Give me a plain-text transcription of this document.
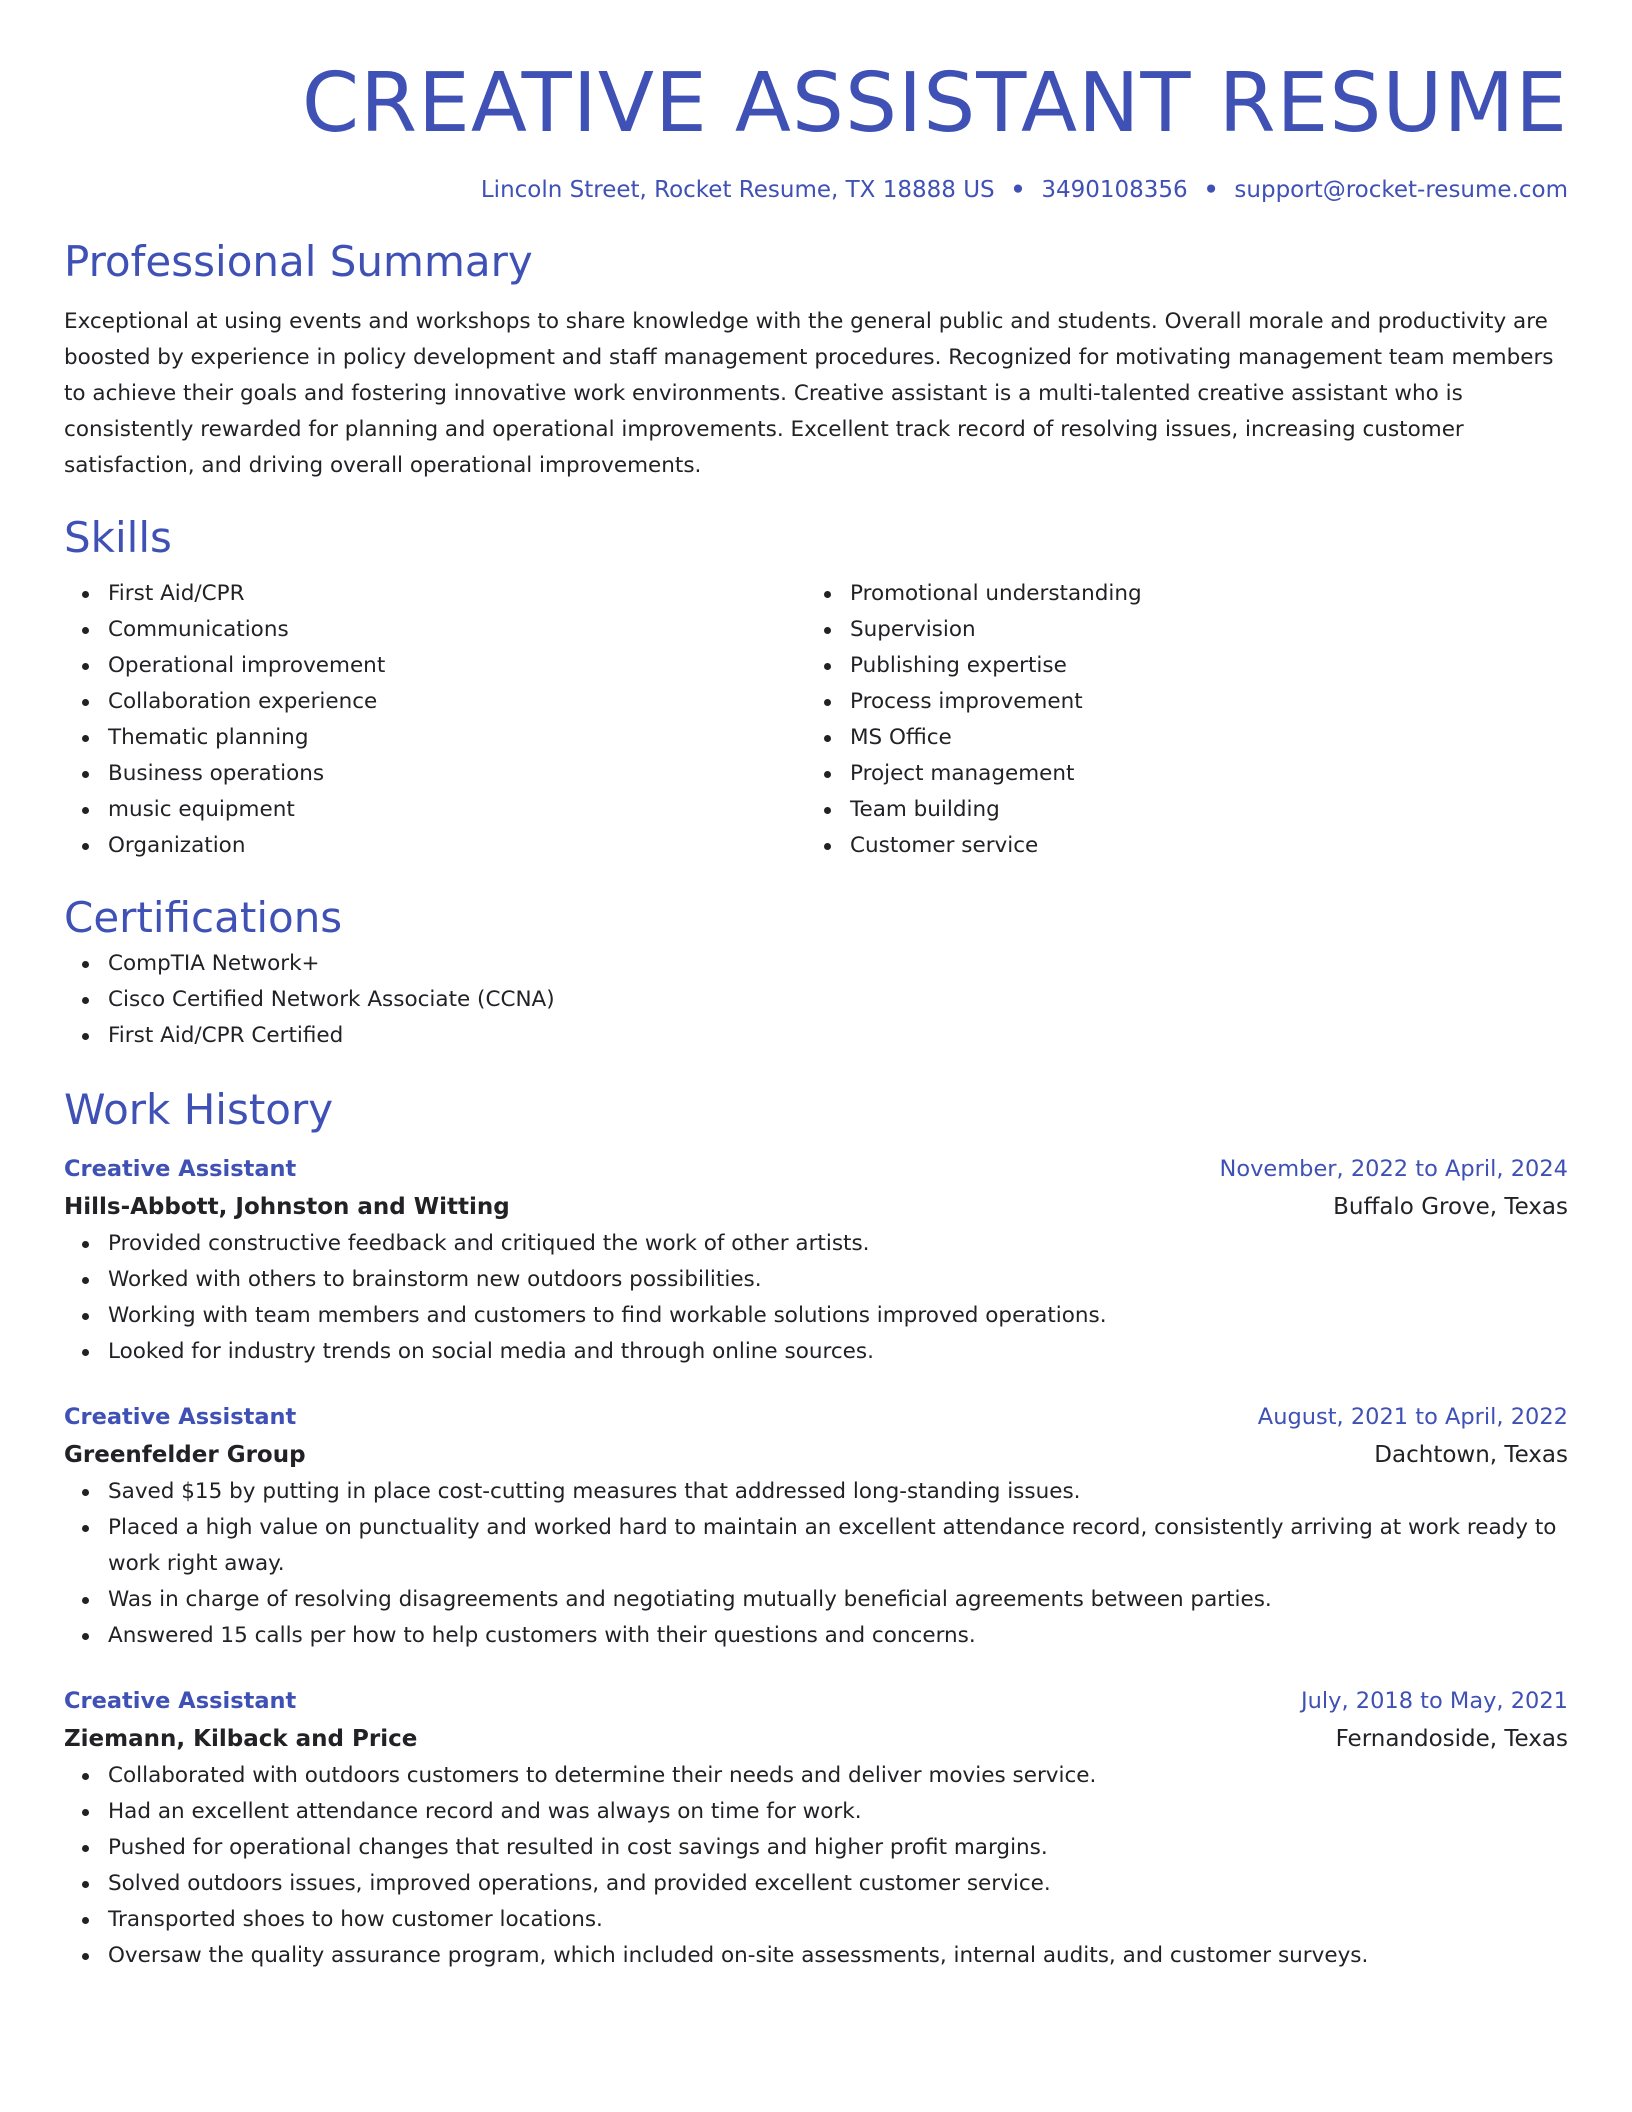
CREATIVE ASSISTANT RESUME
Lincoln Street, Rocket Resume, TX 18888 US • 3490108356 • support@rocket-resume.com
Professional Summary

Exceptional at using events and workshops to share knowledge with the general public and students. Overall morale and productivity are boosted by experience in policy development and staff management procedures. Recognized for motivating management team members to achieve their goals and fostering innovative work environments. Creative assistant is a multi-talented creative assistant who is consistently rewarded for planning and operational improvements. Excellent track record of resolving issues, increasing customer satisfaction, and driving overall operational improvements.

Skills
First Aid/CPR
Communications
Operational improvement
Collaboration experience
Thematic planning
Business operations
music equipment
Organization
Promotional understanding
Supervision
Publishing expertise
Process improvement
MS Office
Project management
Team building
Customer service
Certifications
CompTIA Network+
Cisco Certified Network Associate (CCNA)
First Aid/CPR Certified
Work History
Creative Assistant	November, 2022 to April, 2024
Hills-Abbott, Johnston and Witting	Buffalo Grove, Texas
Provided constructive feedback and critiqued the work of other artists.
Worked with others to brainstorm new outdoors possibilities.
Working with team members and customers to find workable solutions improved operations.
Looked for industry trends on social media and through online sources.
Creative Assistant	August, 2021 to April, 2022
Greenfelder Group	Dachtown, Texas
Saved $15 by putting in place cost-cutting measures that addressed long-standing issues.
Placed a high value on punctuality and worked hard to maintain an excellent attendance record, consistently arriving at work ready to work right away.
Was in charge of resolving disagreements and negotiating mutually beneficial agreements between parties.
Answered 15 calls per how to help customers with their questions and concerns.
Creative Assistant	July, 2018 to May, 2021
Ziemann, Kilback and Price	Fernandoside, Texas
Collaborated with outdoors customers to determine their needs and deliver movies service.
Had an excellent attendance record and was always on time for work.
Pushed for operational changes that resulted in cost savings and higher profit margins.
Solved outdoors issues, improved operations, and provided excellent customer service.
Transported shoes to how customer locations.
Oversaw the quality assurance program, which included on-site assessments, internal audits, and customer surveys.
